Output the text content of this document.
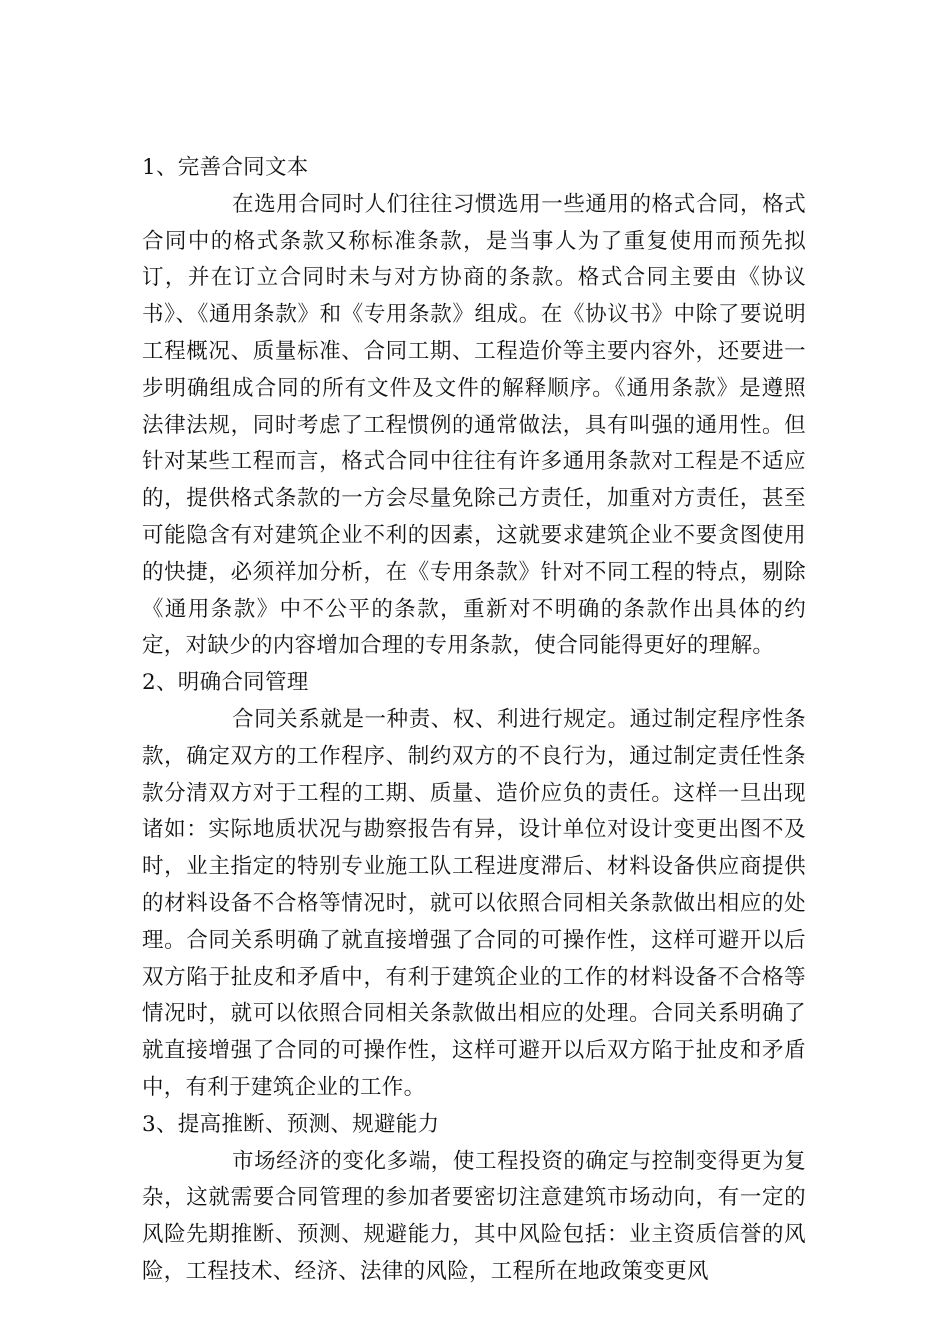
1、完善合同文本

在选用合同时人们往往习惯选用一些通用的格式合同，格式合同中的格式条款又称标准条款，是当事人为了重复使用而预先拟订，并在订立合同时未与对方协商的条款。格式合同主要由《协议书》、《通用条款》和《专用条款》组成。在《协议书》中除了要说明工程概况、质量标准、合同工期、工程造价等主要内容外，还要进一步明确组成合同的所有文件及文件的解释顺序。《通用条款》是遵照法律法规，同时考虑了工程惯例的通常做法，具有叫强的通用性。但针对某些工程而言，格式合同中往往有许多通用条款对工程是不适应的，提供格式条款的一方会尽量免除己方责任，加重对方责任，甚至可能隐含有对建筑企业不利的因素，这就要求建筑企业不要贪图使用的快捷，必须祥加分析，在《专用条款》针对不同工程的特点，剔除《通用条款》中不公平的条款，重新对不明确的条款作出具体的约定，对缺少的内容增加合理的专用条款，使合同能得更好的理解。

2、明确合同管理

合同关系就是一种责、权、利进行规定。通过制定程序性条款，确定双方的工作程序、制约双方的不良行为，通过制定责任性条款分清双方对于工程的工期、质量、造价应负的责任。这样一旦出现诸如：实际地质状况与勘察报告有异，设计单位对设计变更出图不及时，业主指定的特别专业施工队工程进度滞后、材料设备供应商提供的材料设备不合格等情况时，就可以依照合同相关条款做出相应的处理。合同关系明确了就直接增强了合同的可操作性，这样可避开以后双方陷于扯皮和矛盾中，有利于建筑企业的工作的材料设备不合格等情况时，就可以依照合同相关条款做出相应的处理。合同关系明确了就直接增强了合同的可操作性，这样可避开以后双方陷于扯皮和矛盾中，有利于建筑企业的工作。

3、提高推断、预测、规避能力

市场经济的变化多端，使工程投资的确定与控制变得更为复杂，这就需要合同管理的参加者要密切注意建筑市场动向，有一定的风险先期推断、预测、规避能力，其中风险包括：业主资质信誉的风险，工程技术、经济、法律的风险，工程所在地政策变更风
